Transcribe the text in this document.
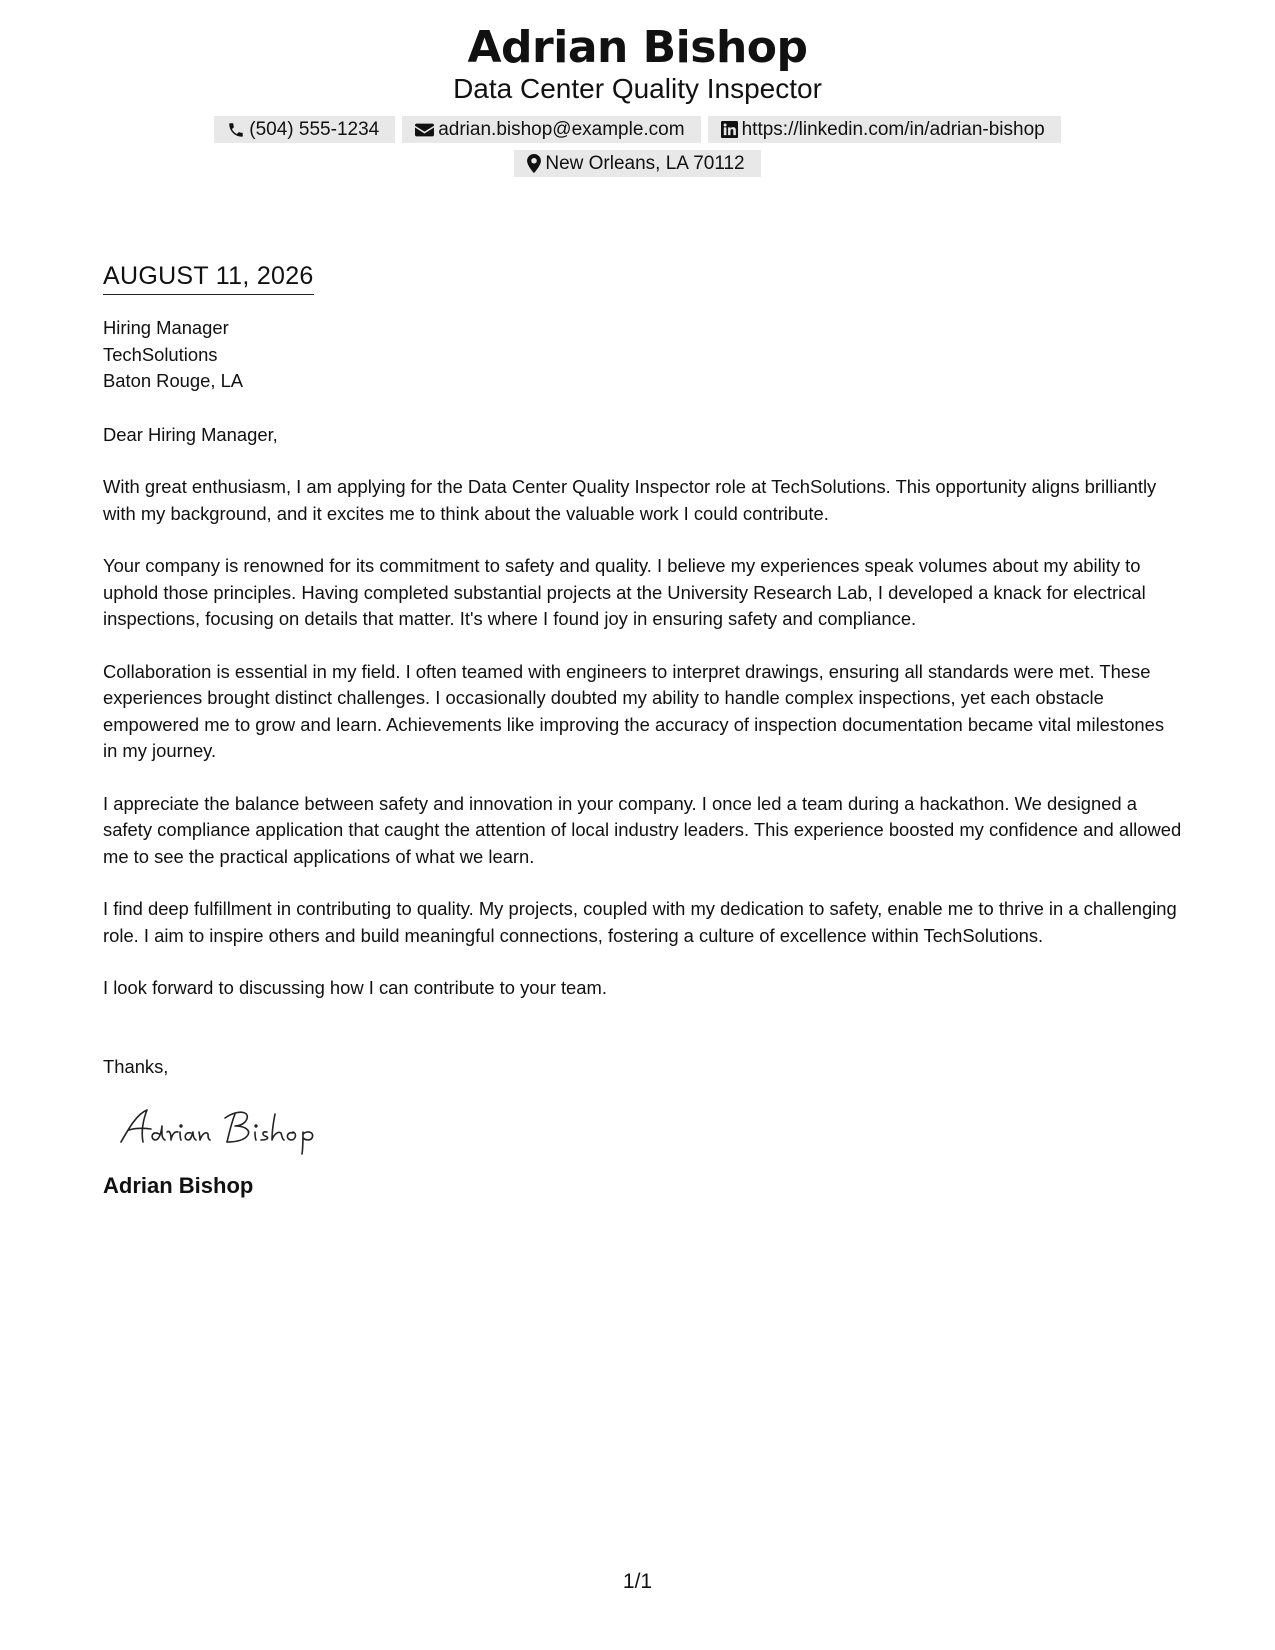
Adrian Bishop
Data Center Quality Inspector
(504) 555-1234	adrian.bishop@example.com	https://linkedin.com/in/adrian-bishop
New Orleans, LA 70112
AUGUST 11, 2026
Hiring Manager
TechSolutions
Baton Rouge, LA
Dear Hiring Manager,

With great enthusiasm, I am applying for the Data Center Quality Inspector role at TechSolutions. This opportunity aligns brilliantly with my background, and it excites me to think about the valuable work I could contribute.

Your company is renowned for its commitment to safety and quality. I believe my experiences speak volumes about my ability to uphold those principles. Having completed substantial projects at the University Research Lab, I developed a knack for electrical inspections, focusing on details that matter. It's where I found joy in ensuring safety and compliance.

Collaboration is essential in my field. I often teamed with engineers to interpret drawings, ensuring all standards were met. These experiences brought distinct challenges. I occasionally doubted my ability to handle complex inspections, yet each obstacle empowered me to grow and learn. Achievements like improving the accuracy of inspection documentation became vital milestones in my journey.

I appreciate the balance between safety and innovation in your company. I once led a team during a hackathon. We designed a safety compliance application that caught the attention of local industry leaders. This experience boosted my confidence and allowed me to see the practical applications of what we learn.

I find deep fulfillment in contributing to quality. My projects, coupled with my dedication to safety, enable me to thrive in a challenging role. I aim to inspire others and build meaningful connections, fostering a culture of excellence within TechSolutions.

I look forward to discussing how I can contribute to your team.

Thanks,
Adrian Bishop
1/1
